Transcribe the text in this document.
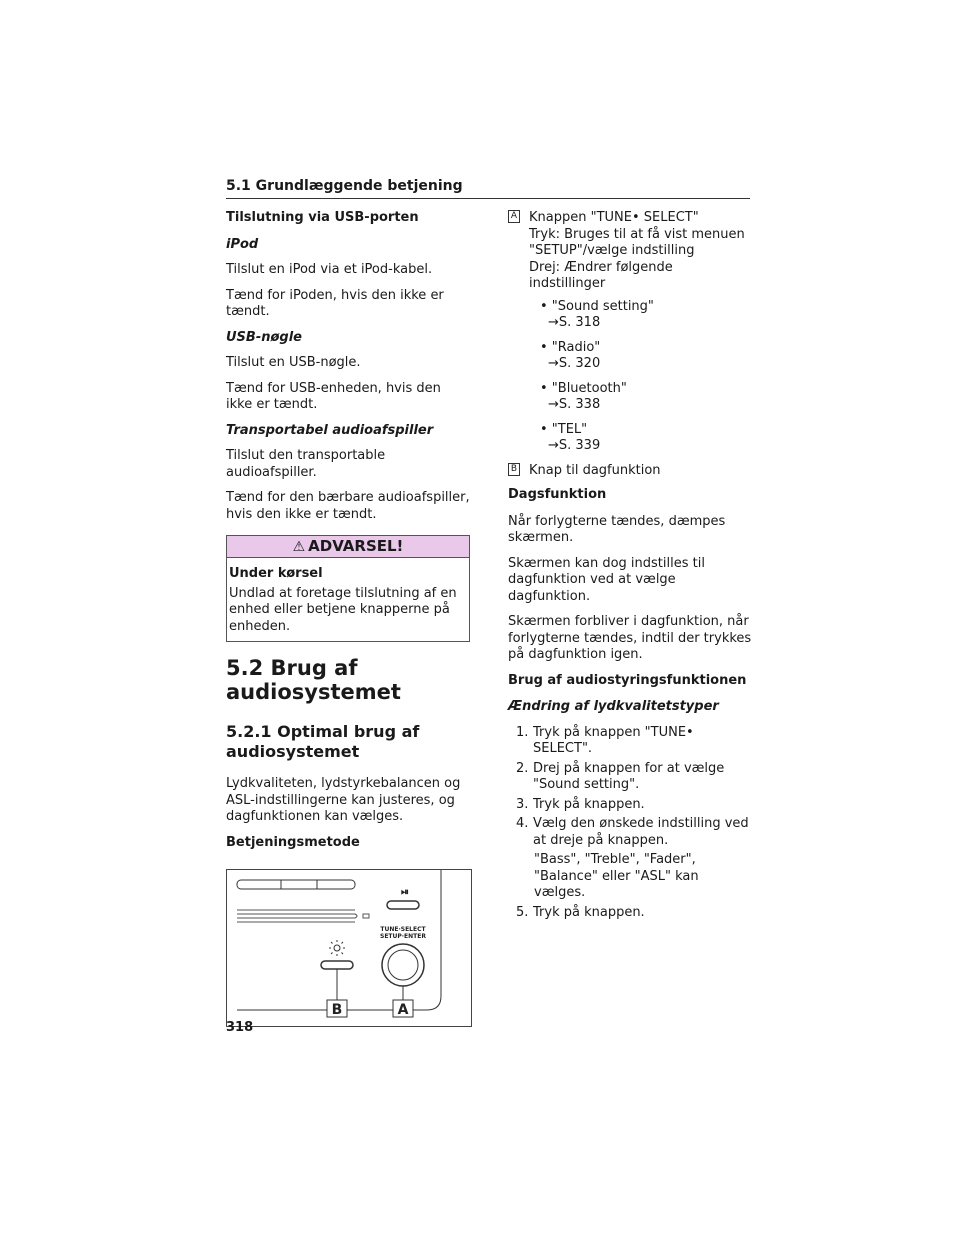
5.1 Grundlæggende betjening

Tilslutning via USB-porten

iPod

Tilslut en iPod via et iPod-kabel.

Tænd for iPoden, hvis den ikke er tændt.

USB-nøgle

Tilslut en USB-nøgle.

Tænd for USB-enheden, hvis den ikke er tændt.

Transportabel audioafspiller

Tilslut den transportable audioafspiller.

Tænd for den bærbare audioafspiller, hvis den ikke er tændt.

⚠ ADVARSEL!

Under kørsel

Undlad at foretage tilslutning af en enhed eller betjene knapperne på enheden.

5.2 Brug af audiosystemet
5.2.1 Optimal brug af audiosystemet

Lydkvaliteten, lydstyrkebalancen og ASL-indstillingerne kan justeres, og dagfunktionen kan vælges.

Betjeningsmetode

⏯
TUNE·SELECT
SETUP·ENTER
B	A
A Knappen "TUNE• SELECT"
Tryk: Bruges til at få vist menuen "SETUP"/vælge indstilling
Drej: Ændrer følgende indstillinger
• "Sound setting"
→S. 318
• "Radio"
→S. 320
• "Bluetooth"
→S. 338
• "TEL"
→S. 339
B Knap til dagfunktion

Dagsfunktion

Når forlygterne tændes, dæmpes skærmen.

Skærmen kan dog indstilles til dagfunktion ved at vælge dagfunktion.

Skærmen forbliver i dagfunktion, når forlygterne tændes, indtil der trykkes på dagfunktion igen.

Brug af audiostyringsfunktionen

Ændring af lydkvalitetstyper

1. Tryk på knappen "TUNE• SELECT".
2. Drej på knappen for at vælge "Sound setting".
3. Tryk på knappen.
4. Vælg den ønskede indstilling ved at dreje på knappen.
"Bass", "Treble", "Fader", "Balance" eller "ASL" kan vælges.
5. Tryk på knappen.
318
